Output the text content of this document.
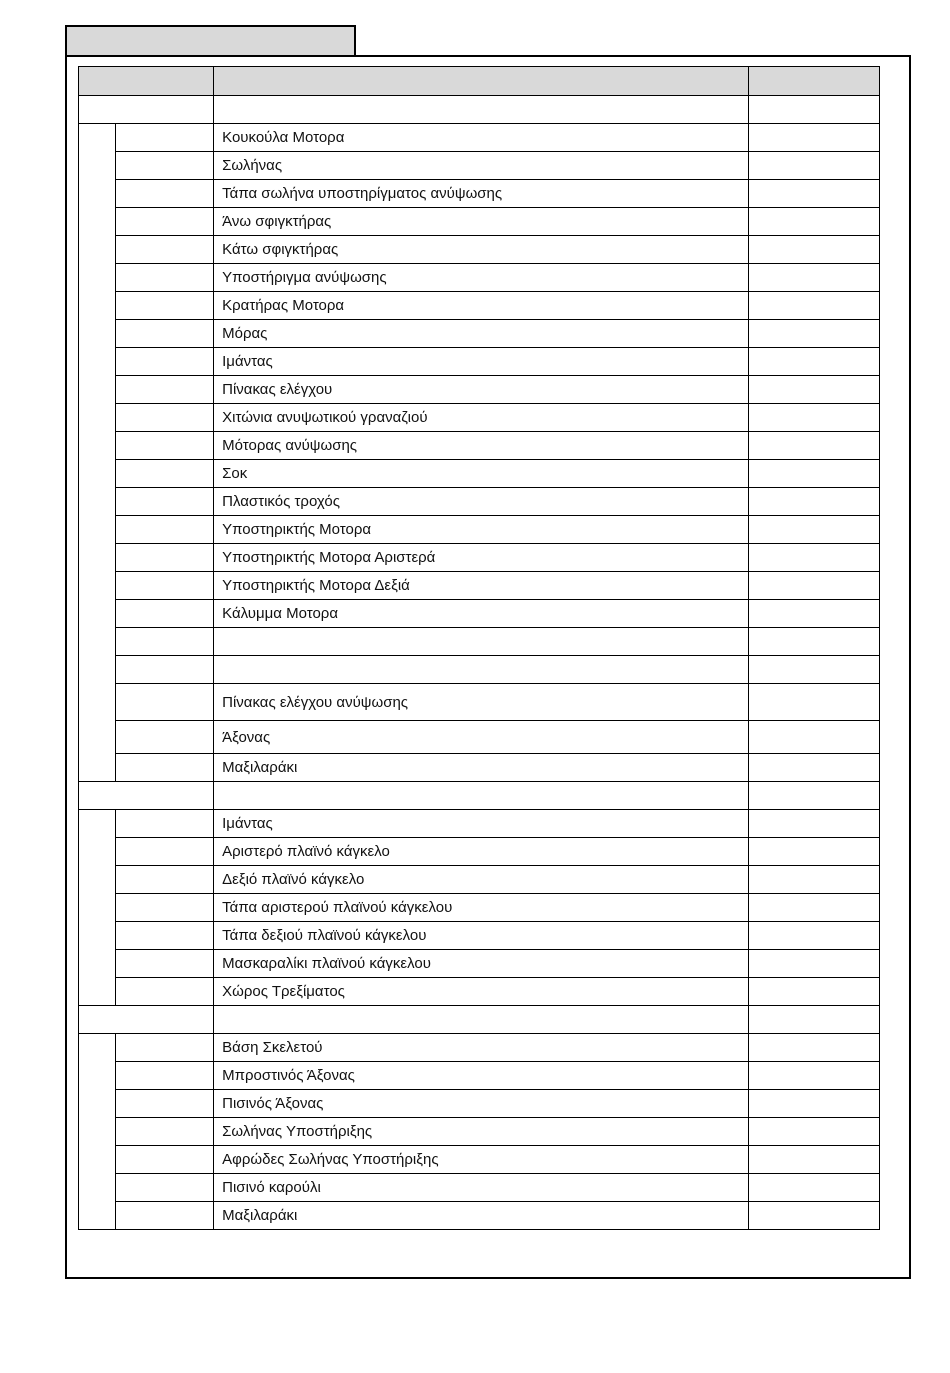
		Κουκούλα Μοτορα	
		Σωλήνας	
		Τάπα σωλήνα υποστηρίγματος ανύψωσης	
		Άνω σφιγκτήρας	
		Κάτω σφιγκτήρας	
		Υποστήριγμα ανύψωσης	
		Κρατήρας Μοτορα	
		Μόρας	
		Ιμάντας	
		Πίνακας ελέγχου	
		Χιτώνια ανυψωτικού γραναζιού	
		Μότορας ανύψωσης	
		Σοκ	
		Πλαστικός τροχός	
		Υποστηρικτής Μοτορα	
		Υποστηρικτής Μοτορα Αριστερά	
		Υποστηρικτής Μοτορα Δεξιά	
		Κάλυμμα Μοτορα	

		Πίνακας ελέγχου ανύψωσης	
		Άξονας	
		Μαξιλαράκι	

		Ιμάντας	
		Αριστερό πλαϊνό κάγκελο	
		Δεξιό πλαϊνό κάγκελο	
		Τάπα αριστερού πλαϊνού κάγκελου	
		Τάπα δεξιού πλαϊνού κάγκελου	
		Μασκαραλίκι πλαϊνού κάγκελου	
		Χώρος Τρεξίματος	

		Βάση Σκελετού	
		Μπροστινός Άξονας	
		Πισινός Άξονας	
		Σωλήνας Υποστήριξης	
		Αφρώδες Σωλήνας Υποστήριξης	
		Πισινό καρούλι	
		Μαξιλαράκι	
